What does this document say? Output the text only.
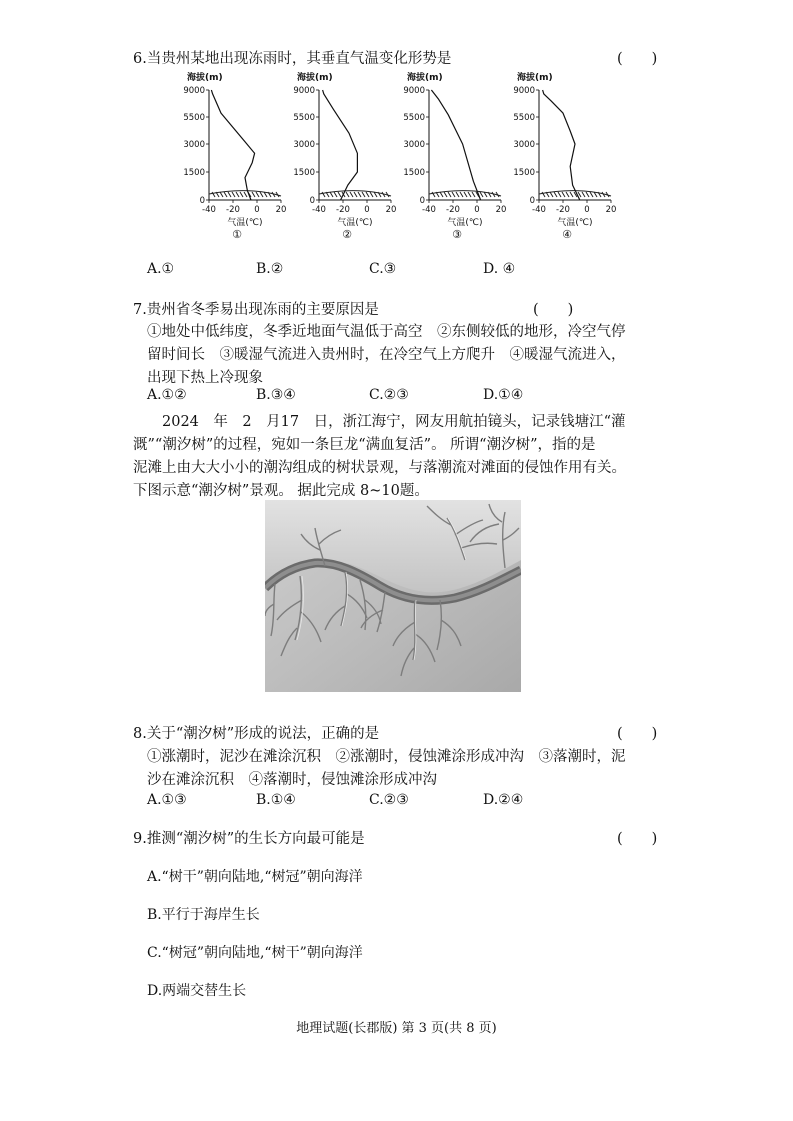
6.当贵州某地出现冻雨时，其垂直气温变化形势是	(　　)
海拔(m)
9000
5500
3000
1500
0
-40 -20 0 20
气温(℃)
①
海拔(m)
9000
5500
3000
1500
0
-40 -20 0 20
气温(℃)
②
海拔(m)
9000
5500
3000
1500
0
-40 -20 0 20
气温(℃)
③
海拔(m)
9000
5500
3000
1500
0
-40 -20 0 20
气温(℃)
④
A.①	B.②	C.③	D. ④
7.贵州省冬季易出现冻雨的主要原因是	(　　)
①地处中低纬度，冬季近地面气温低于高空　②东侧较低的地形，冷空气停
留时间长　③暖湿气流进入贵州时，在冷空气上方爬升　④暖湿气流进入，
出现下热上冷现象
A.①②	B.③④	C.②③	D.①④
　　2024　年　2　月17　日，浙江海宁，网友用航拍镜头，记录钱塘江“灌
溉”“潮汐树”的过程，宛如一条巨龙“满血复活”。 所谓“潮汐树”，指的是
泥滩上由大大小小的潮沟组成的树状景观，与落潮流对滩面的侵蚀作用有关。
下图示意“潮汐树”景观。 据此完成 8~10题。
8.关于“潮汐树”形成的说法，正确的是	(　　)
①涨潮时，泥沙在滩涂沉积　②涨潮时，侵蚀滩涂形成冲沟　③落潮时，泥
沙在滩涂沉积　④落潮时，侵蚀滩涂形成冲沟
A.①③	B.①④	C.②③	D.②④
9.推测“潮汐树”的生长方向最可能是	(　　)
A.“树干”朝向陆地,“树冠”朝向海洋
B.平行于海岸生长
C.“树冠”朝向陆地,“树干”朝向海洋
D.两端交替生长
地理试题(长郡版) 第 3 页(共 8 页)
